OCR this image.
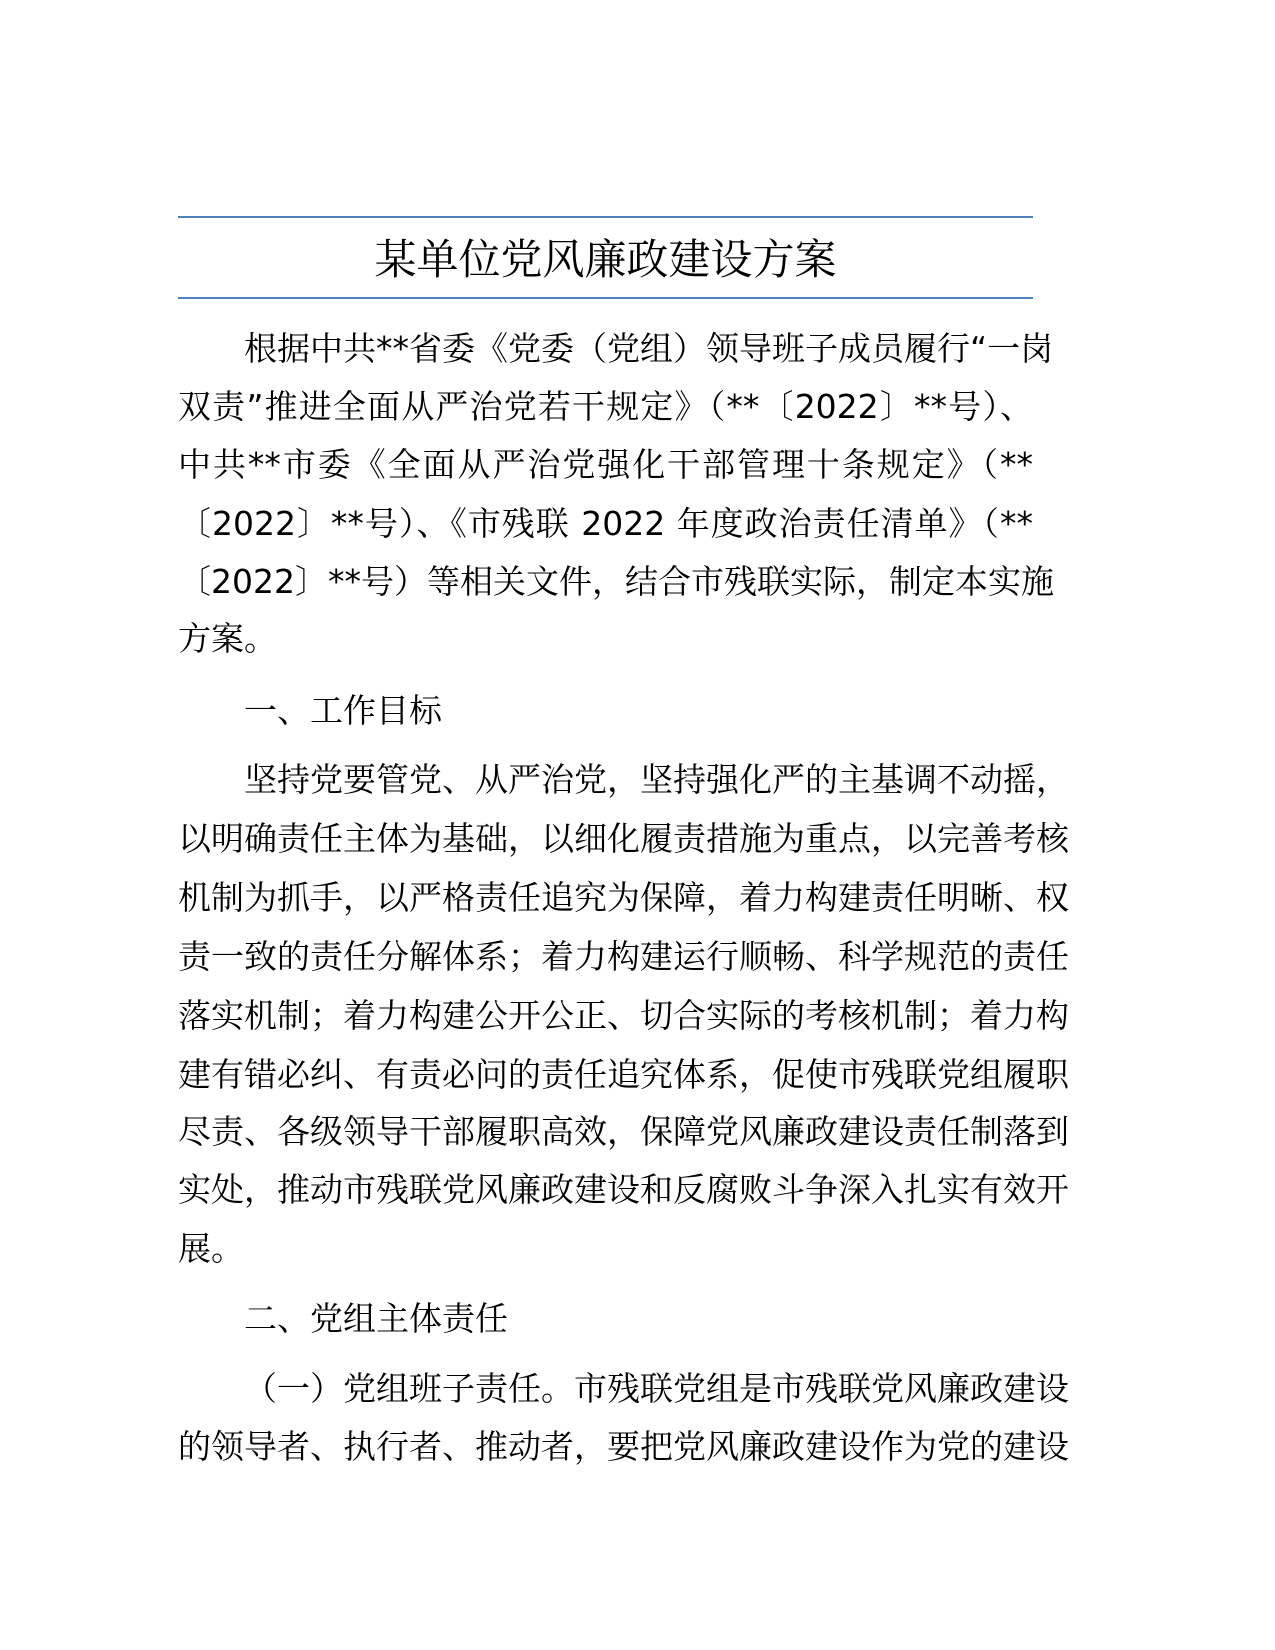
某单位党风廉政建设方案
根据中共**省委《党委（党组）领导班子成员履行“一岗
双责”推进全面从严治党若干规定》（**〔2022〕**号）、
中共**市委《全面从严治党强化干部管理十条规定》（**
〔2022〕**号）、《市残联 2022 年度政治责任清单》（**
〔2022〕**号）等相关文件，结合市残联实际，制定本实施
方案。
一、工作目标
坚持党要管党、从严治党，坚持强化严的主基调不动摇，
以明确责任主体为基础，以细化履责措施为重点，以完善考核
机制为抓手，以严格责任追究为保障，着力构建责任明晰、权
责一致的责任分解体系；着力构建运行顺畅、科学规范的责任
落实机制；着力构建公开公正、切合实际的考核机制；着力构
建有错必纠、有责必问的责任追究体系，促使市残联党组履职
尽责、各级领导干部履职高效，保障党风廉政建设责任制落到
实处，推动市残联党风廉政建设和反腐败斗争深入扎实有效开
展。
二、党组主体责任
（一）党组班子责任。市残联党组是市残联党风廉政建设
的领导者、执行者、推动者，要把党风廉政建设作为党的建设
